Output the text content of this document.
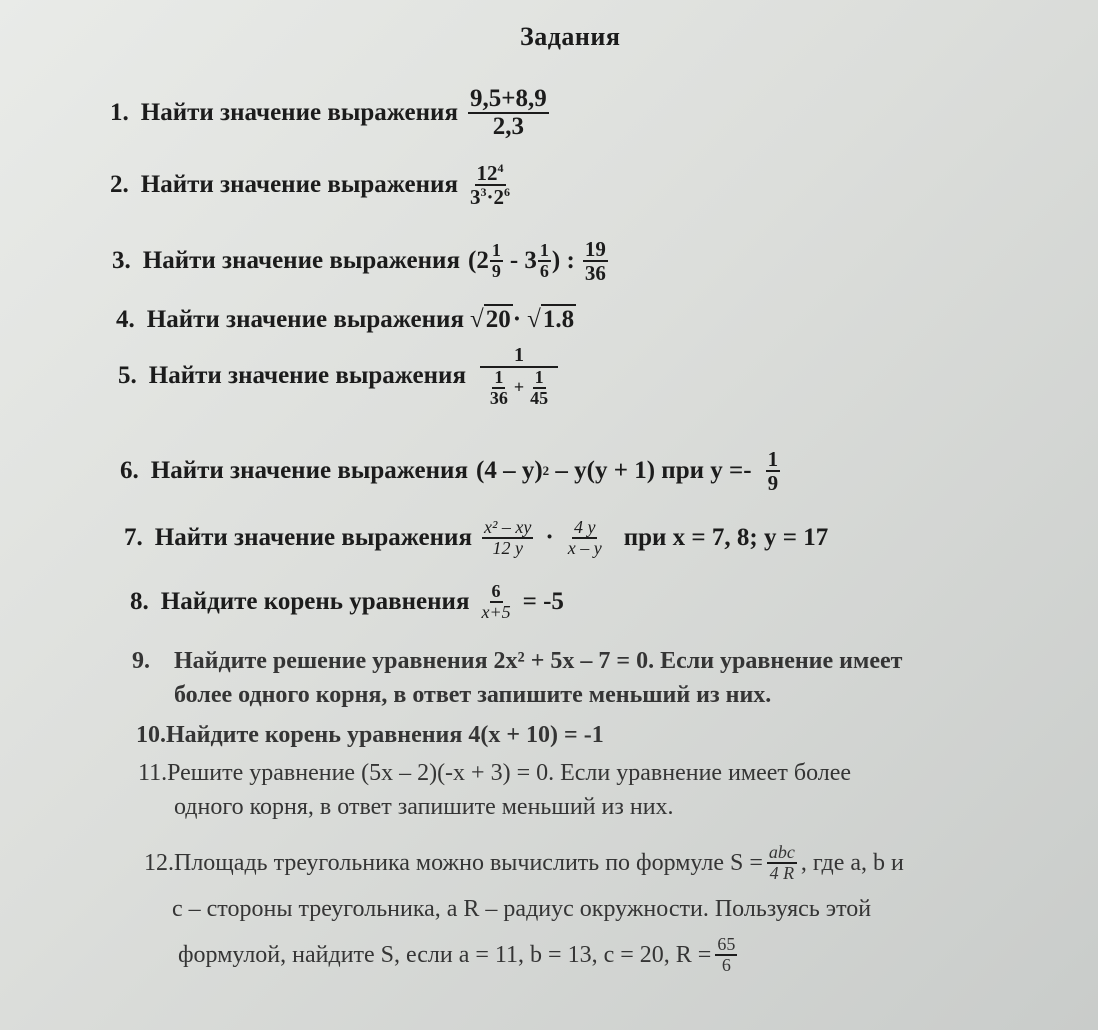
Задания
1. Найти значение выражения $\frac{9,5+8,9}{2,3}$
2. Найти значение выражения $\frac{12^4}{3^3\cdot 2^6}$
3. Найти значение выражения ($2 \frac{1}{9} - 3 \frac{1}{6}$ ) : $\frac{19}{36}$
4. Найти значение выражения √20 · √1.8
5. Найти значение выражения
1
$\frac{1}{36} + \frac{1}{45}$
6. Найти значение выражения (4 – y) 2 – y(y + 1) при $y =- \frac{1}{9}$
7. Найти значение выражения $\frac{\text{x² – xy}}{12 y} \cdot \frac{4 y}{x - y}$ при x = 7, 8; y = 17
8. Найдите корень уравнения $\frac{6}{x+5} = -5$
9. Найдите решение уравнения 2x² + 5x – 7 = 0. Если уравнение имеет
более одного корня, в ответ запишите меньший из них.
10.Найдите корень уравнения 4(x + 10) = -1
11.Решите уравнение (5x – 2)(-x + 3) = 0. Если уравнение имеет более
одного корня, в ответ запишите меньший из них.
12. Площадь треугольника можно вычислить по формуле $S = \frac{\text{abc}}{4 R}$ , где a, b и
c – стороны треугольника, a R – радиус окружности. Пользуясь этой
формулой, найдите S, если a = 11, b = 13, c = 20, $R = \frac{65}{6}$
